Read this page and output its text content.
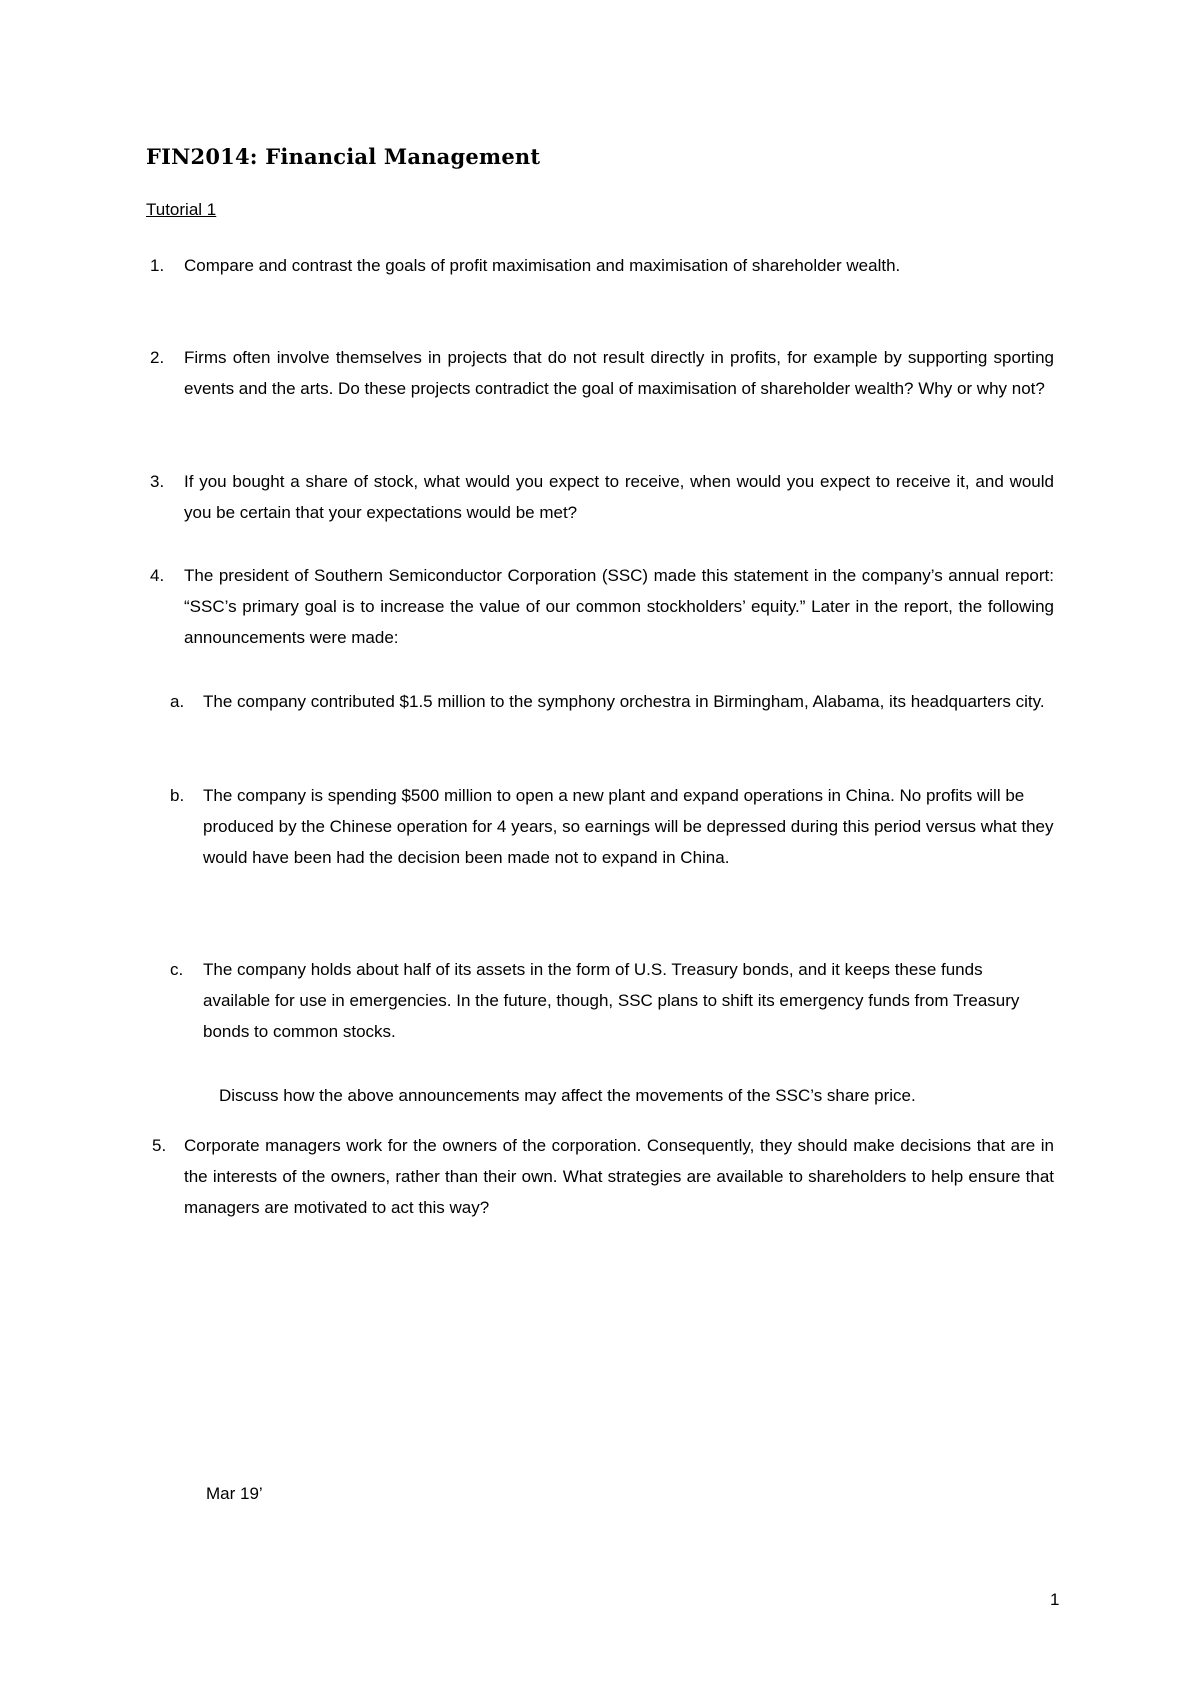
FIN2014: Financial Management
Tutorial 1
1. Compare and contrast the goals of profit maximisation and maximisation of shareholder wealth.
2. Firms often involve themselves in projects that do not result directly in profits, for example by supporting sporting events and the arts. Do these projects contradict the goal of maximisation of shareholder wealth? Why or why not?
3. If you bought a share of stock, what would you expect to receive, when would you expect to receive it, and would you be certain that your expectations would be met?
4. The president of Southern Semiconductor Corporation (SSC) made this statement in the company’s annual report: “SSC’s primary goal is to increase the value of our common stockholders’ equity.” Later in the report, the following announcements were made:
a. The company contributed $1.5 million to the symphony orchestra in Birmingham, Alabama, its headquarters city.
b. The company is spending $500 million to open a new plant and expand operations in China. No profits will be produced by the Chinese operation for 4 years, so earnings will be depressed during this period versus what they would have been had the decision been made not to expand in China.
c. The company holds about half of its assets in the form of U.S. Treasury bonds, and it keeps these funds available for use in emergencies. In the future, though, SSC plans to shift its emergency funds from Treasury bonds to common stocks.
Discuss how the above announcements may affect the movements of the SSC’s share price.
5. Corporate managers work for the owners of the corporation. Consequently, they should make decisions that are in the interests of the owners, rather than their own. What strategies are available to shareholders to help ensure that managers are motivated to act this way?
Mar 19’
1
